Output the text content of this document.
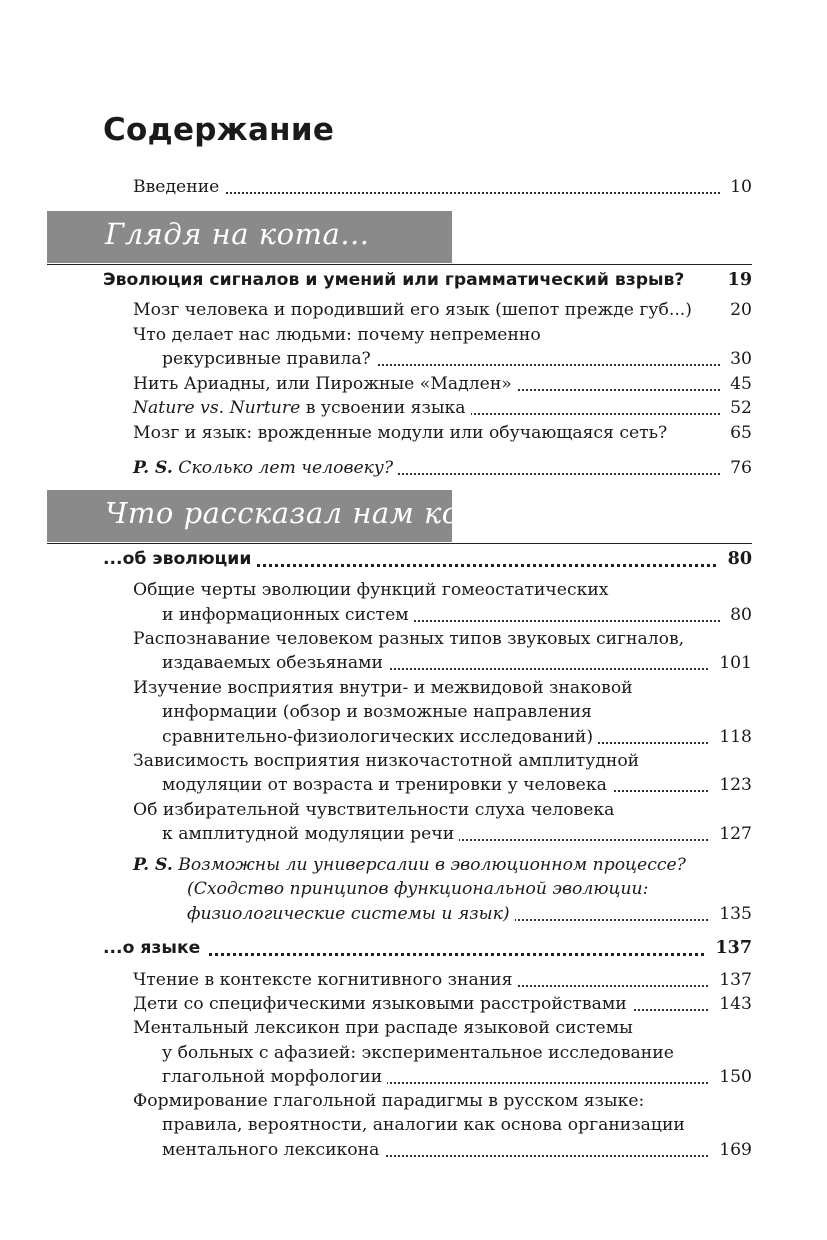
Содержание
Введение	10
Глядя на кота...
Эволюция сигналов и умений или грамматический взрыв?	19
Мозг человека и породивший его язык (шепот прежде губ...)	20
Что делает нас людьми: почему непременно
рекурсивные правила?	30
Нить Ариадны, или Пирожные «Мадлен»	45
Nature vs. Nurture в усвоении языка	52
Мозг и язык: врожденные модули или обучающаяся сеть?	65
P. S. Сколько лет человеку?	76
Что рассказал нам кот...
...об эволюции	80
Общие черты эволюции функций гомеостатических
и информационных систем	80
Распознавание человеком разных типов звуковых сигналов,
издаваемых обезьянами	101
Изучение восприятия внутри- и межвидовой знаковой
информации (обзор и возможные направления
сравнительно-физиологических исследований)	118
Зависимость восприятия низкочастотной амплитудной
модуляции от возраста и тренировки у человека	123
Об избирательной чувствительности слуха человека
к амплитудной модуляции речи	127
P. S. Возможны ли универсалии в эволюционном процессе?
(Сходство принципов функциональной эволюции:
физиологические системы и язык)	135
...о языке	137
Чтение в контексте когнитивного знания	137
Дети со специфическими языковыми расстройствами	143
Ментальный лексикон при распаде языковой системы
у больных с афазией: экспериментальное исследование
глагольной морфологии	150
Формирование глагольной парадигмы в русском языке:
правила, вероятности, аналогии как основа организации
ментального лексикона	169
